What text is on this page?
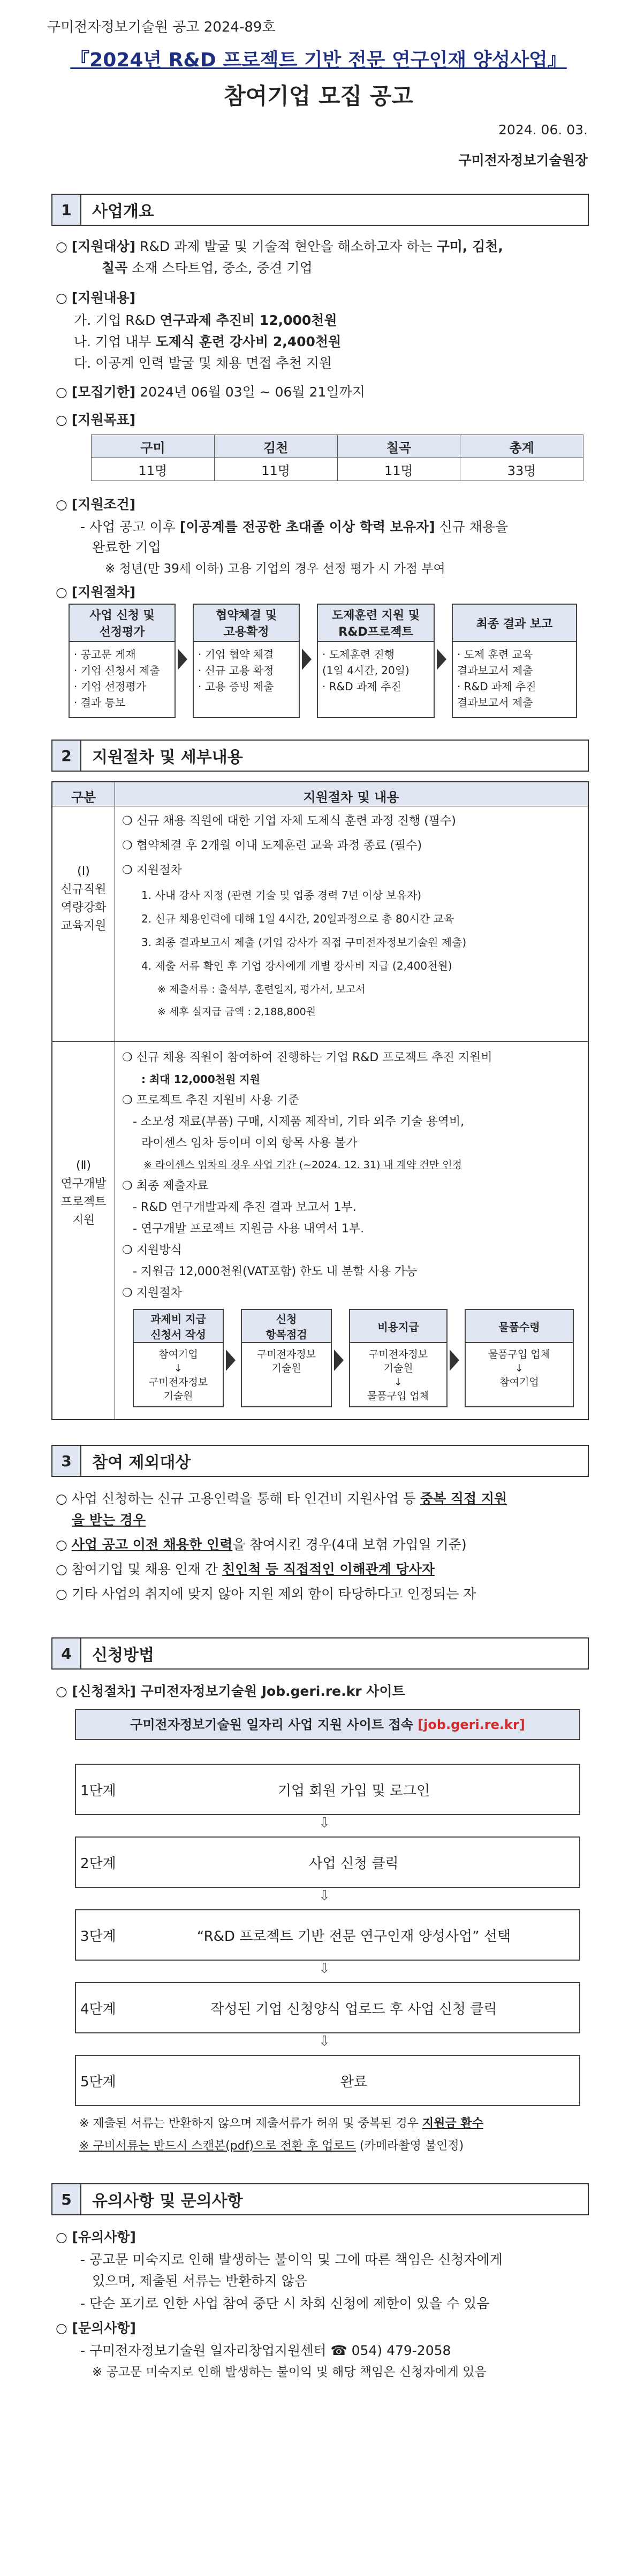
구미전자정보기술원 공고 2024-89호
『2024년 R&D 프로젝트 기반 전문 연구인재 양성사업』
참여기업 모집 공고
2024. 06. 03.
구미전자정보기술원장
1	사업개요
○ [지원대상] R&D 과제 발굴 및 기술적 현안을 해소하고자 하는 구미, 김천,
칠곡 소재 스타트업, 중소, 중견 기업
○ [지원내용]
가. 기업 R&D 연구과제 추진비 12,000천원
나. 기업 내부 도제식 훈련 강사비 2,400천원
다. 이공계 인력 발굴 및 채용 면접 추천 지원
○ [모집기한] 2024년 06월 03일 ~ 06월 21일까지
○ [지원목표]
구미	김천	칠곡	총계
11명	11명	11명	33명
○ [지원조건]
- 사업 공고 이후 [이공계를 전공한 초대졸 이상 학력 보유자] 신규 채용을
완료한 기업
※ 청년(만 39세 이하) 고용 기업의 경우 선정 평가 시 가점 부여
○ [지원절차]
사업 신청 및
선정평가
· 공고문 게재
· 기업 신청서 제출
· 기업 선정평가
· 결과 통보
협약체결 및
고용확정
· 기업 협약 체결
· 신규 고용 확정
· 고용 증빙 제출
도제훈련 지원 및
R&D프로젝트
· 도제훈련 진행
(1일 4시간, 20일)
· R&D 과제 추진
최종 결과 보고
· 도제 훈련 교육
결과보고서 제출
· R&D 과제 추진
결과보고서 제출
2	지원절차 및 세부내용
구분	지원절차 및 내용
(Ⅰ)
신규직원
역량강화
교육지원
❍ 신규 채용 직원에 대한 기업 자체 도제식 훈련 과정 진행 (필수)
❍ 협약체결 후 2개월 이내 도제훈련 교육 과정 종료 (필수)
❍ 지원절차
1. 사내 강사 지정 (관련 기술 및 업종 경력 7년 이상 보유자)
2. 신규 채용인력에 대해 1일 4시간, 20일과정으로 총 80시간 교육
3. 최종 결과보고서 제출 (기업 강사가 직접 구미전자정보기술원 제출)
4. 제출 서류 확인 후 기업 강사에게 개별 강사비 지급 (2,400천원)
※ 제출서류 : 출석부, 훈련일지, 평가서, 보고서
※ 세후 실지급 금액 : 2,188,800원
(Ⅱ)
연구개발
프로젝트
지원
❍ 신규 채용 직원이 참여하여 진행하는 기업 R&D 프로젝트 추진 지원비
: 최대 12,000천원 지원
❍ 프로젝트 추진 지원비 사용 기준
- 소모성 재료(부품) 구매, 시제품 제작비, 기타 외주 기술 용역비,
라이센스 임차 등이며 이외 항목 사용 불가
※ 라이센스 임차의 경우 사업 기간 (~2024. 12. 31) 내 계약 건만 인정
❍ 최종 제출자료
- R&D 연구개발과제 추진 결과 보고서 1부.
- 연구개발 프로젝트 지원금 사용 내역서 1부.
❍ 지원방식
- 지원금 12,000천원(VAT포함) 한도 내 분할 사용 가능
❍ 지원절차
과제비 지급
신청서 작성
참여기업
↓
구미전자정보
기술원
신청
항목점검
구미전자정보
기술원
비용지급
구미전자정보
기술원
↓
물품구입 업체
물품수령
물품구입 업체
↓
참여기업
3	참여 제외대상
○ 사업 신청하는 신규 고용인력을 통해 타 인건비 지원사업 등 중복 직접 지원
을 받는 경우
○ 사업 공고 이전 채용한 인력을 참여시킨 경우(4대 보험 가입일 기준)
○ 참여기업 및 채용 인재 간 친인척 등 직접적인 이해관계 당사자
○ 기타 사업의 취지에 맞지 않아 지원 제외 함이 타당하다고 인정되는 자
4	신청방법
○ [신청절차] 구미전자정보기술원 Job.geri.re.kr 사이트
구미전자정보기술원 일자리 사업 지원 사이트 접속 [job.geri.re.kr]
1단계	기업 회원 가입 및 로그인
⇩
2단계	사업 신청 클릭
⇩
3단계	“R&D 프로젝트 기반 전문 연구인재 양성사업” 선택
⇩
4단계	작성된 기업 신청양식 업로드 후 사업 신청 클릭
⇩
5단계	완료
※ 제출된 서류는 반환하지 않으며 제출서류가 허위 및 중복된 경우 지원금 환수
※ 구비서류는 반드시 스캔본(pdf)으로 전환 후 업로드 (카메라촬영 불인정)
5	유의사항 및 문의사항
○ [유의사항]
- 공고문 미숙지로 인해 발생하는 불이익 및 그에 따른 책임은 신청자에게
있으며, 제출된 서류는 반환하지 않음
- 단순 포기로 인한 사업 참여 중단 시 차회 신청에 제한이 있을 수 있음
○ [문의사항]
- 구미전자정보기술원 일자리창업지원센터 ☎ 054) 479-2058
※ 공고문 미숙지로 인해 발생하는 불이익 및 해당 책임은 신청자에게 있음
